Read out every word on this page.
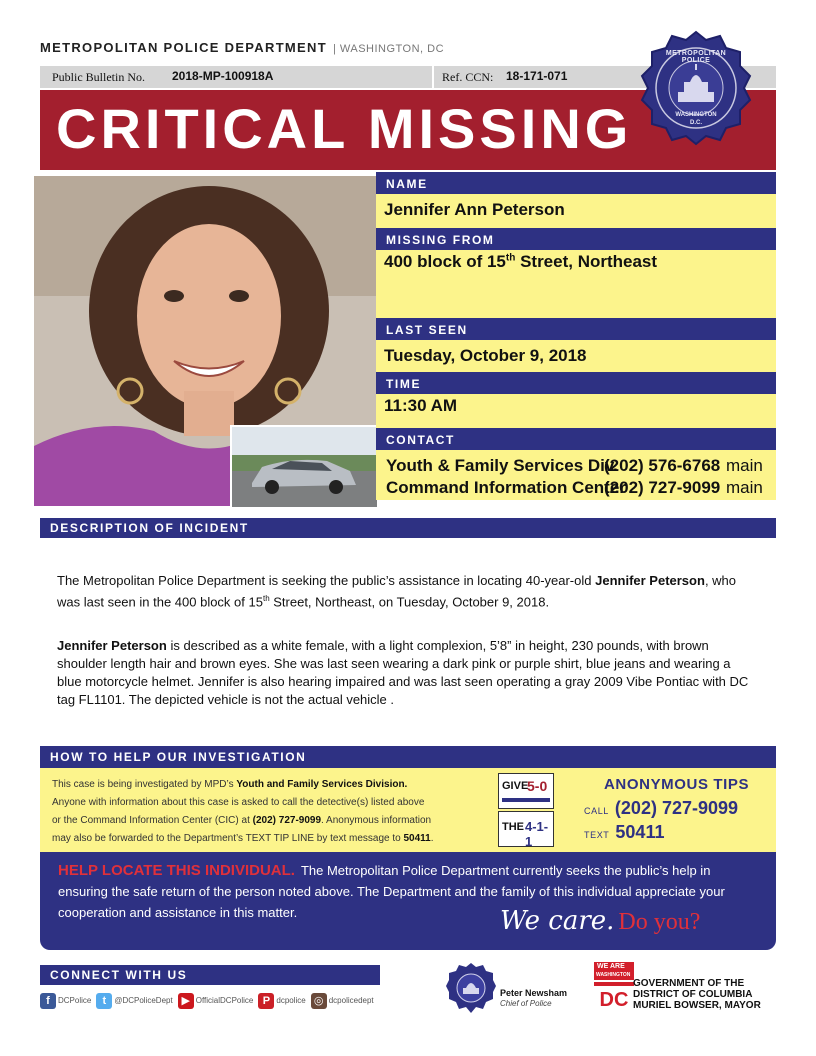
METROPOLITAN POLICE DEPARTMENT | WASHINGTON, DC
Public Bulletin No. 2018-MP-100918A	Ref. CCN: 18-171-071
CRITICAL MISSING
METROPOLITAN POLICE
WASHINGTON
D.C.
NAME
Jennifer Ann Peterson
MISSING FROM
400 block of 15th Street, Northeast
LAST SEEN
Tuesday, October 9, 2018
TIME
11:30 AM
CONTACT
Youth & Family Services Div.
(202) 576-6768 main
Command Information Center
(202) 727-9099 main
DESCRIPTION OF INCIDENT
The Metropolitan Police Department is seeking the public’s assistance in locating 40-year-old Jennifer Peterson, who was last seen in the 400 block of 15th Street, Northeast, on Tuesday, October 9, 2018.
Jennifer Peterson is described as a white female, with a light complexion, 5’8” in height, 230 pounds, with brown shoulder length hair and brown eyes. She was last seen wearing a dark pink or purple shirt, blue jeans and wearing a blue motorcycle helmet. Jennifer is also hearing impaired and was last seen operating a gray 2009 Vibe Pontiac with DC tag FL1101. The depicted vehicle is not the actual vehicle .
HOW TO HELP OUR INVESTIGATION
This case is being investigated by MPD’s Youth and Family Services Division.
Anyone with information about this case is asked to call the detective(s) listed above
or the Command Information Center (CIC) at (202) 727-9099. Anonymous information
may also be forwarded to the Department’s TEXT TIP LINE by text message to 50411.
GIVE
5-0
THE 4-1-1
ANONYMOUS TIPS
CALL (202) 727-9099
TEXT 50411
HELP LOCATE THIS INDIVIDUAL. The Metropolitan Police Department currently seeks the public’s help in ensuring the safe return of the person noted above. The Department and the family of this individual appreciate your cooperation and assistance in this matter.	We care. Do you?
CONNECT WITH US
f DCPolice t @DCPoliceDept ▶ OfficialDCPolice P dcpolice ◎ dcpolicedept
Peter Newsham
Chief of Police DC
WE ARE
WASHINGTON
GOVERNMENT OF THE
DISTRICT OF COLUMBIA
MURIEL BOWSER, MAYOR
